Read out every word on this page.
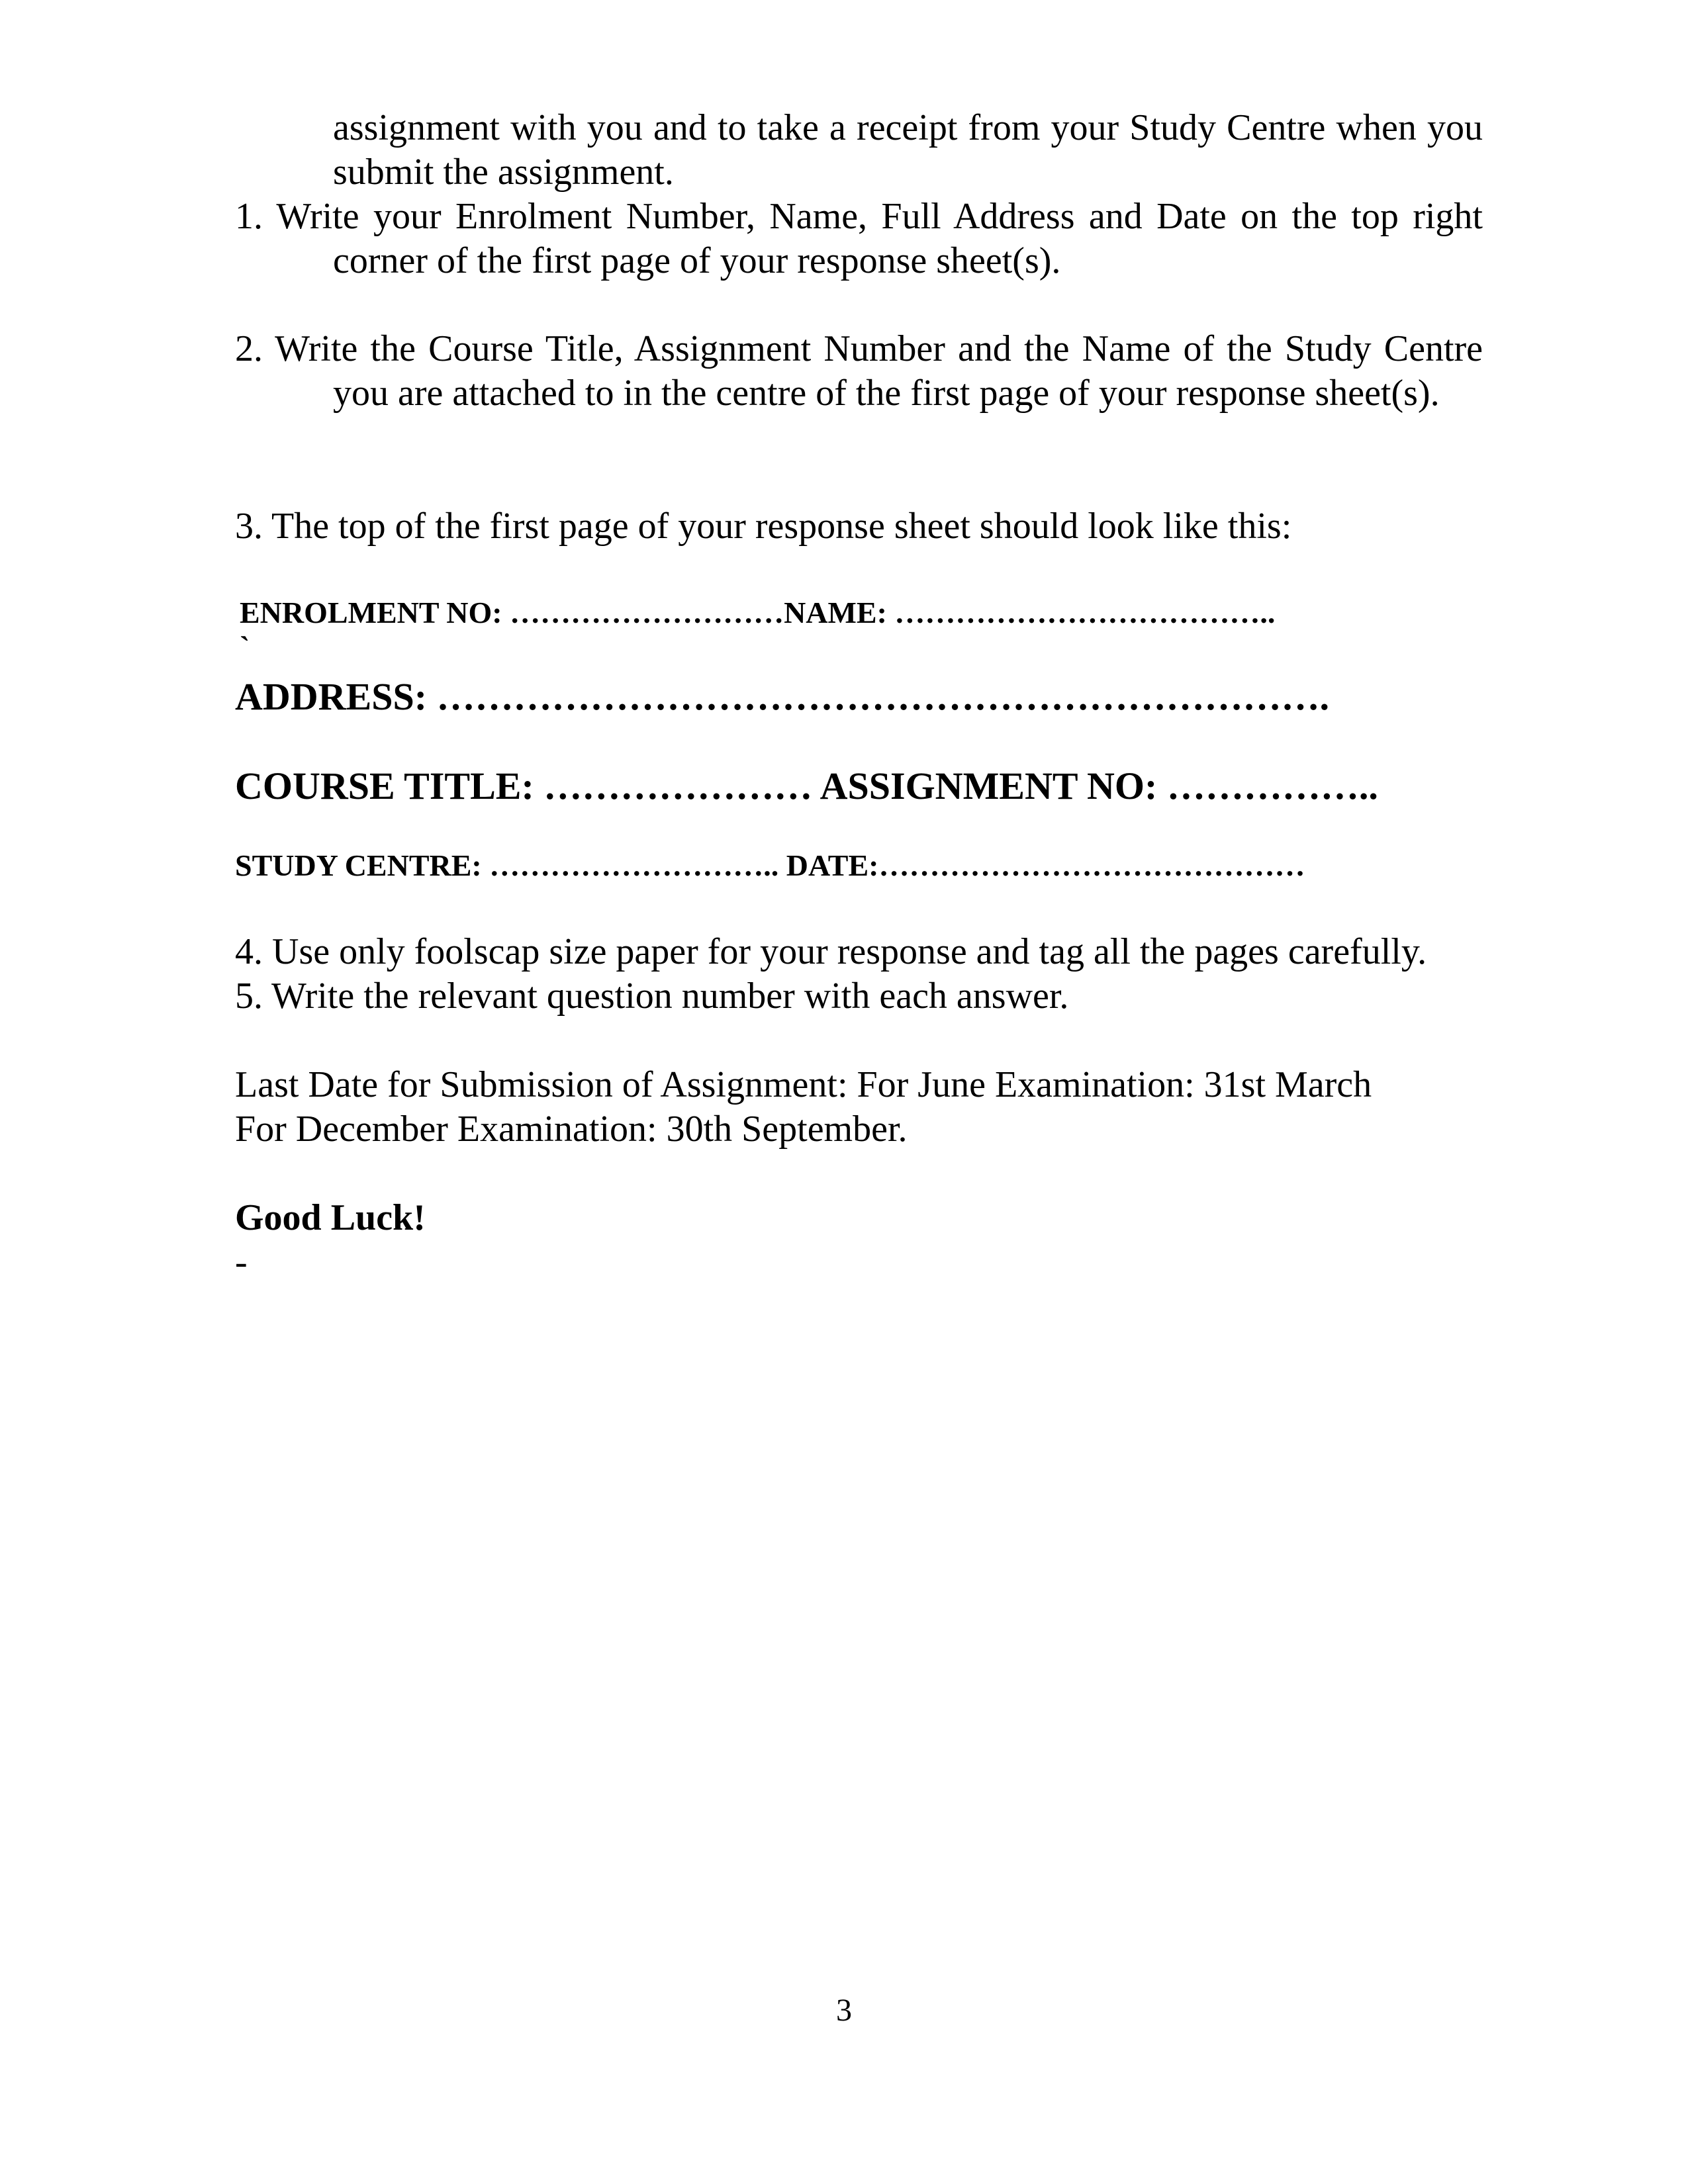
assignment with you and to take a receipt from your Study Centre when you submit the assignment.

1. Write your Enrolment Number, Name, Full Address and Date on the top right corner of the first page of your response sheet(s).

2. Write the Course Title, Assignment Number and the Name of the Study Centre you are attached to in the centre of the first page of your response sheet(s).

3. The top of the first page of your response sheet should look like this:

ENROLMENT NO: ………………………NAME: ………………………………..

`

ADDRESS: …………………………………………………………….

COURSE TITLE: ………………… ASSIGNMENT NO: ……………..

STUDY CENTRE: ……………………….. DATE:……………………………………

4. Use only foolscap size paper for your response and tag all the pages carefully.

5. Write the relevant question number with each answer.

Last Date for Submission of Assignment: For June Examination: 31st March

For December Examination: 30th September.

Good Luck!

-

3
